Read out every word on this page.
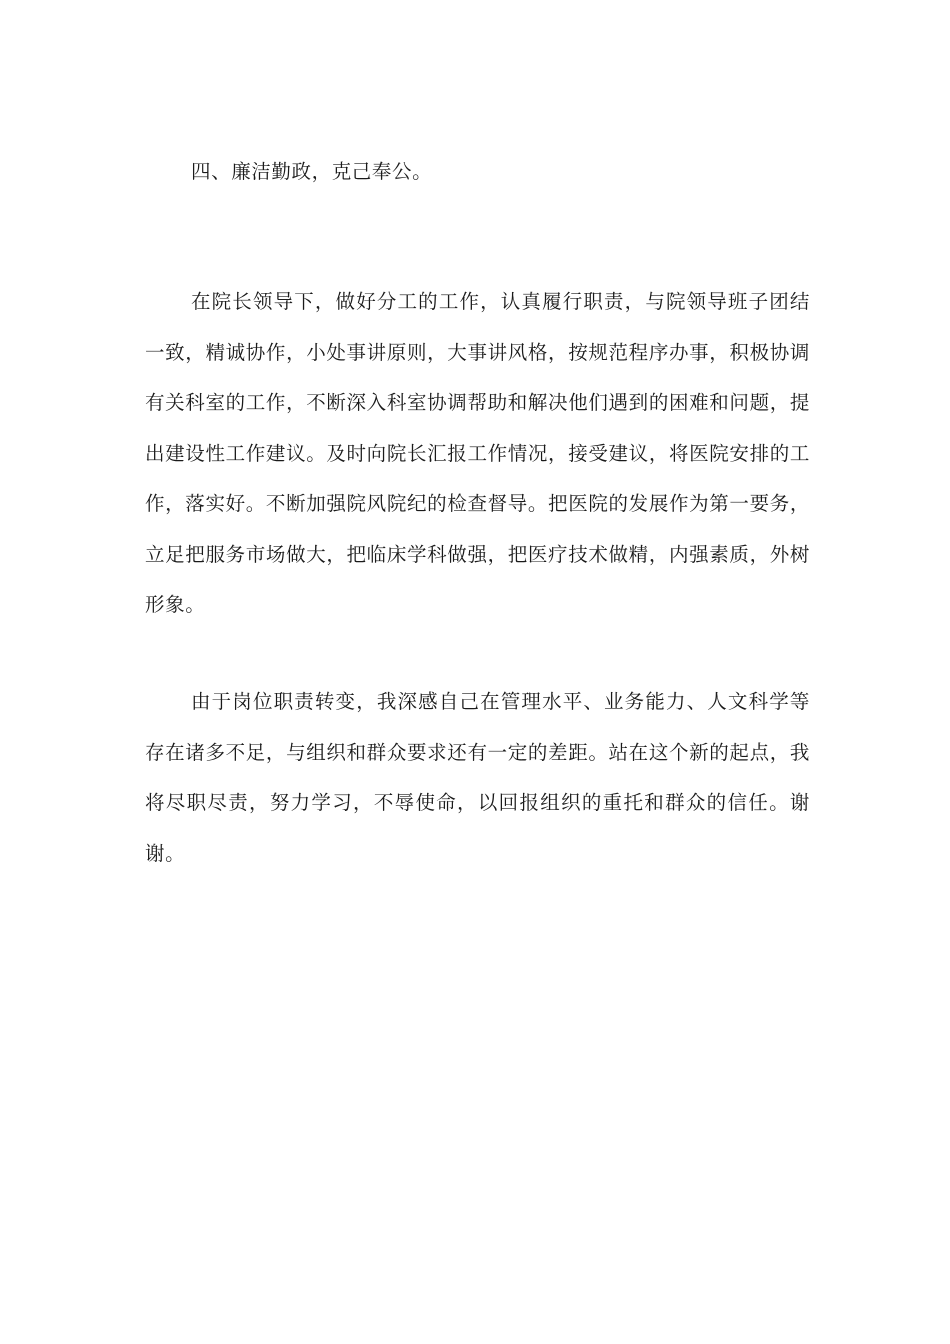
四、廉洁勤政，克己奉公。

在院长领导下，做好分工的工作，认真履行职责，与院领导班子团结一致，精诚协作，小处事讲原则，大事讲风格，按规范程序办事，积极协调有关科室的工作，不断深入科室协调帮助和解决他们遇到的困难和问题，提出建设性工作建议。及时向院长汇报工作情况，接受建议，将医院安排的工作，落实好。不断加强院风院纪的检查督导。把医院的发展作为第一要务，立足把服务市场做大，把临床学科做强，把医疗技术做精，内强素质，外树形象。

由于岗位职责转变，我深感自己在管理水平、业务能力、人文科学等存在诸多不足，与组织和群众要求还有一定的差距。站在这个新的起点，我将尽职尽责，努力学习，不辱使命，以回报组织的重托和群众的信任。谢谢。
